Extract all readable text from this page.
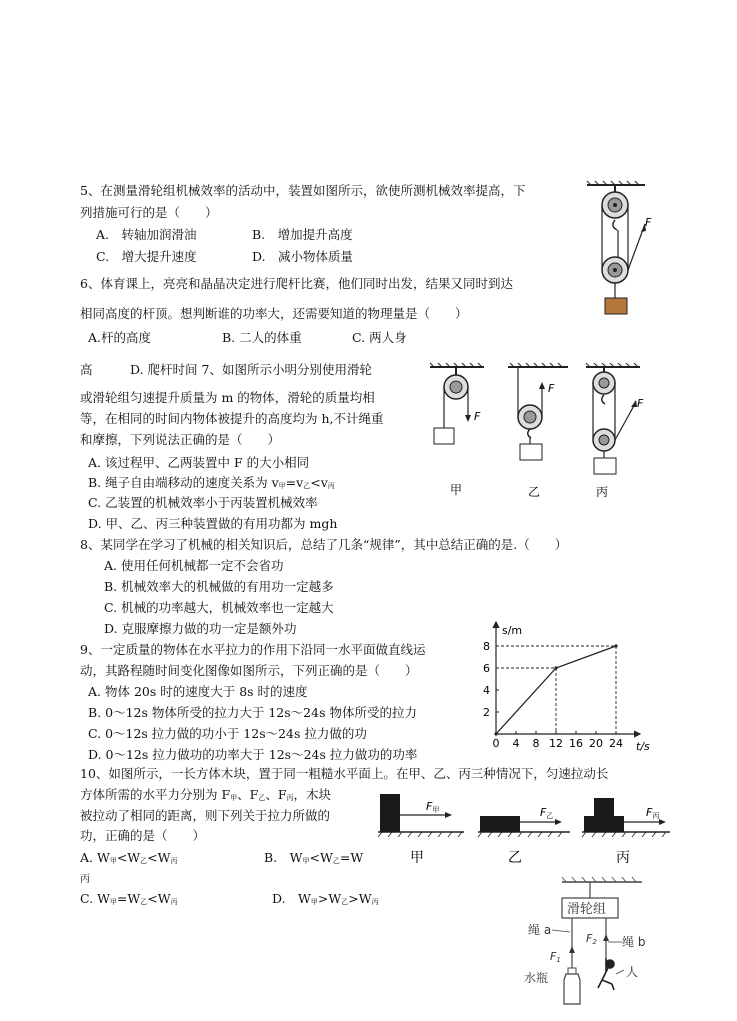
5、在测量滑轮组机械效率的活动中，装置如图所示，欲使所测机械效率提高，下
列措施可行的是（　　）
A.　转轴加润滑油	B.　增加提升高度
C.　增大提升速度	D.　减小物体质量
F
6、体育课上，亮亮和晶晶决定进行爬杆比赛，他们同时出发，结果又同时到达
相同高度的杆顶。想判断谁的功率大，还需要知道的物理量是（　　）
A.杆的高度	B. 二人的体重	C. 两人身
高　　　D. 爬杆时间 7、如图所示小明分别使用滑轮
或滑轮组匀速提升质量为 m 的物体，滑轮的质量均相
等，在相同的时间内物体被提升的高度均为 h,不计绳重
和摩擦，下列说法正确的是（　　）
A. 该过程甲、乙两装置中 F 的大小相同
B. 绳子自由端移动的速度关系为 $v_甲=v_乙<v_丙$
C. 乙装置的机械效率小于丙装置机械效率
D. 甲、乙、丙三种装置做的有用功都为 mgh
F
F
F
甲	乙	丙
8、某同学在学习了机械的相关知识后，总结了几条“规律”，其中总结正确的是.（　　）
A. 使用任何机械都一定不会省功
B. 机械效率大的机械做的有用功一定越多
C. 机械的功率越大，机械效率也一定越大
D. 克服摩擦力做的功一定是额外功
9、一定质量的物体在水平拉力的作用下沿同一水平面做直线运
动，其路程随时间变化图像如图所示，下列正确的是（　　）
A. 物体 20s 时的速度大于 8s 时的速度
B. 0～12s 物体所受的拉力大于 12s～24s 物体所受的拉力
C. 0～12s 拉力做的功小于 12s～24s 拉力做的功
D. 0～12s 拉力做功的功率大于 12s～24s 拉力做功的功率
s/m
t/s
0 4 8 12 16 20 24
2
4
6
8
10、如图所示，一长方体木块，置于同一粗糙水平面上。在甲、乙、丙三种情况下，匀速拉动长
方体所需的水平力分别为 $F_甲$、$F_乙$、$F_丙$，木块
被拉动了相同的距离，则下列关于拉力所做的
功，正确的是（　　）
A. $W_甲<W_乙<W_丙$	B.　$W_甲<W_乙=W$
丙
C. $W_甲=W_乙<W_丙$	D.　$W_甲>W_乙>W_丙$
F甲	F乙	F丙
甲	乙	丙
滑轮组
绳 a
绳 b
F1
F2
水瓶	人
